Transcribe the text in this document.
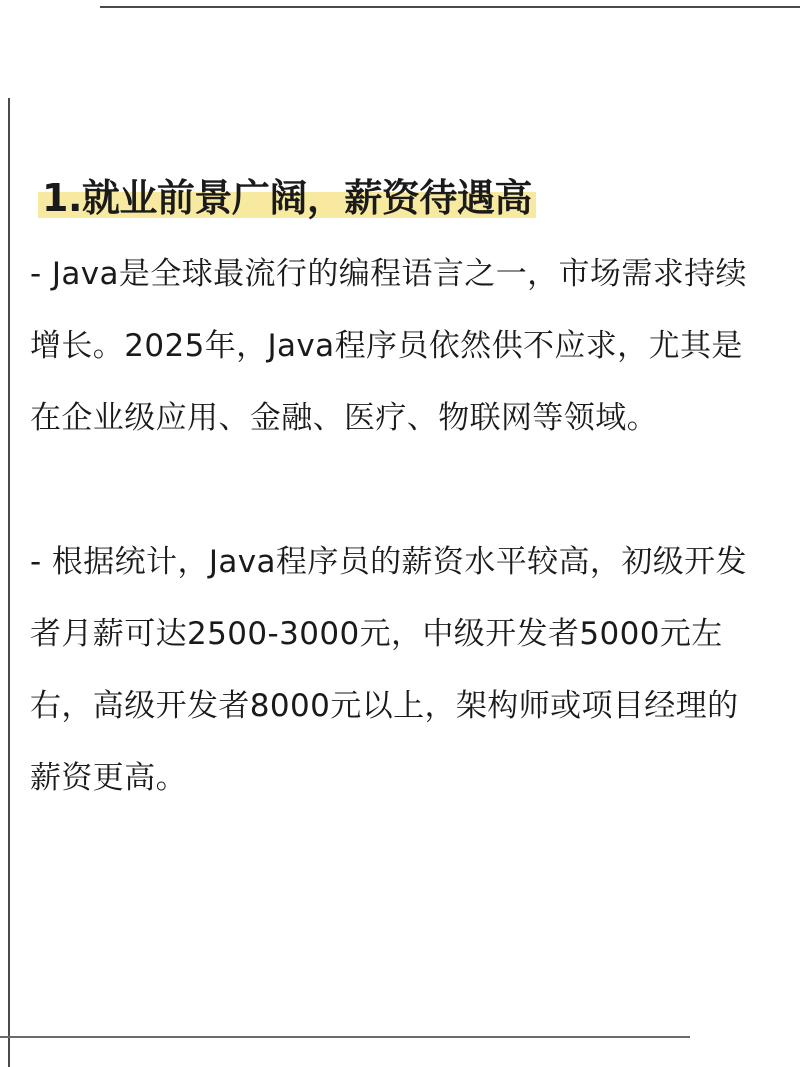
1.就业前景广阔，薪资待遇高

- Java是全球最流行的编程语言之一，市场需求持续增长。2025年，Java程序员依然供不应求，尤其是在企业级应用、金融、医疗、物联网等领域。

- 根据统计，Java程序员的薪资水平较高，初级开发者月薪可达2500-3000元，中级开发者5000元左右，高级开发者8000元以上，架构师或项目经理的薪资更高。
